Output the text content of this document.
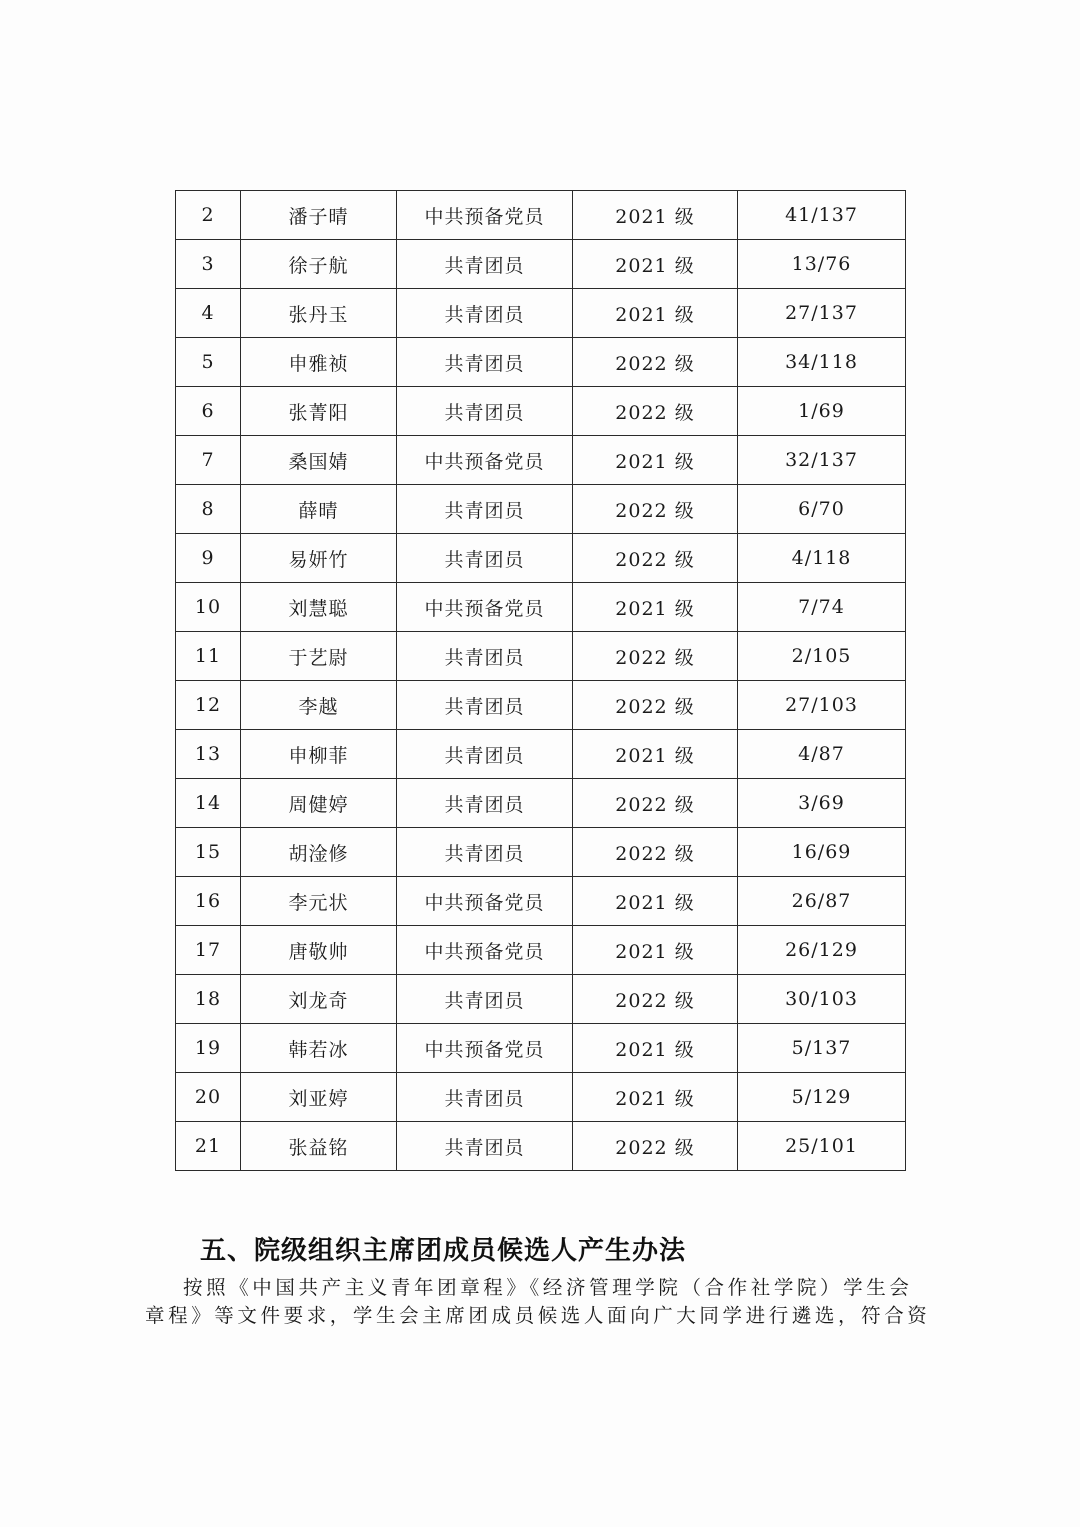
2	潘子晴	中共预备党员	2021 级	41/137
3	徐子航	共青团员	2021 级	13/76
4	张丹玉	共青团员	2021 级	27/137
5	申雅祯	共青团员	2022 级	34/118
6	张菁阳	共青团员	2022 级	1/69
7	桑国婧	中共预备党员	2021 级	32/137
8	薛晴	共青团员	2022 级	6/70
9	易妍竹	共青团员	2022 级	4/118
10	刘慧聪	中共预备党员	2021 级	7/74
11	于艺尉	共青团员	2022 级	2/105
12	李越	共青团员	2022 级	27/103
13	申柳菲	共青团员	2021 级	4/87
14	周健婷	共青团员	2022 级	3/69
15	胡淦修	共青团员	2022 级	16/69
16	李元状	中共预备党员	2021 级	26/87
17	唐敬帅	中共预备党员	2021 级	26/129
18	刘龙奇	共青团员	2022 级	30/103
19	韩若冰	中共预备党员	2021 级	5/137
20	刘亚婷	共青团员	2021 级	5/129
21	张益铭	共青团员	2022 级	25/101
五、院级组织主席团成员候选人产生办法

按照《中国共产主义青年团章程》《经济管理学院（合作社学院）学生会

章程》等文件要求，学生会主席团成员候选人面向广大同学进行遴选，符合资
